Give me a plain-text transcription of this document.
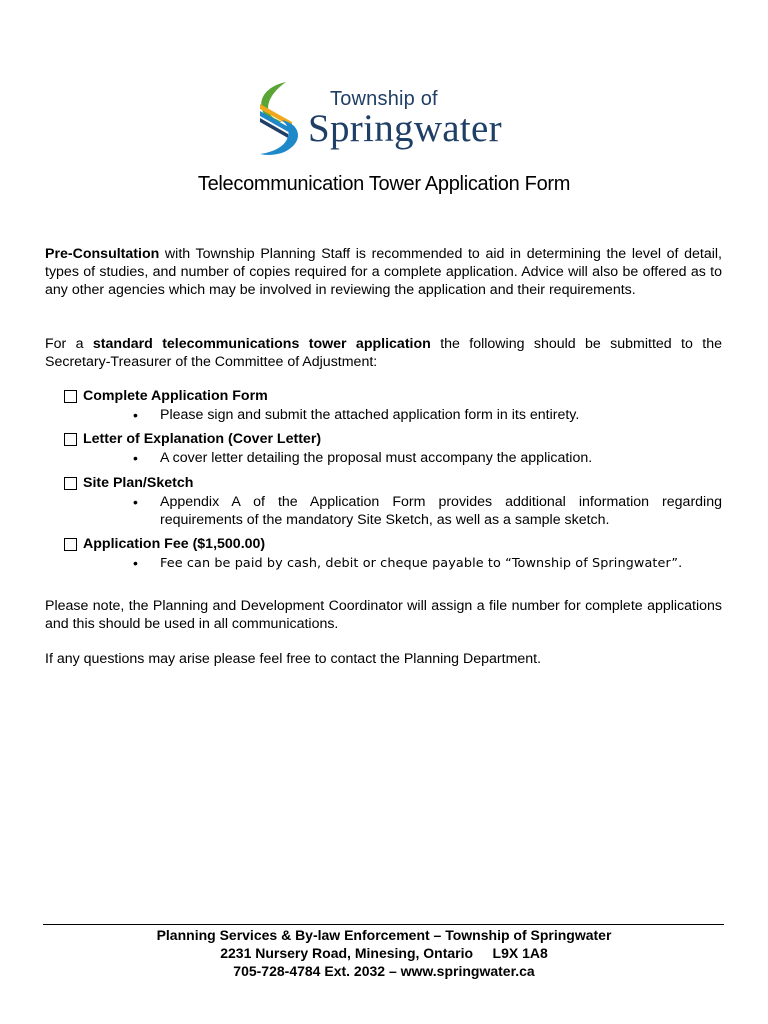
Township of
Springwater
Telecommunication Tower Application Form
Pre-Consultation with Township Planning Staff is recommended to aid in determining the level of detail, types of studies, and number of copies required for a complete application. Advice will also be offered as to any other agencies which may be involved in reviewing the application and their requirements.
For a standard telecommunications tower application the following should be submitted to the Secretary-Treasurer of the Committee of Adjustment:
Complete Application Form
• Please sign and submit the attached application form in its entirety.
Letter of Explanation (Cover Letter)
• A cover letter detailing the proposal must accompany the application.
Site Plan/Sketch
• Appendix A of the Application Form provides additional information regarding requirements of the mandatory Site Sketch, as well as a sample sketch.
Application Fee ($1,500.00)
• Fee can be paid by cash, debit or cheque payable to “Township of Springwater”.
Please note, the Planning and Development Coordinator will assign a file number for complete applications and this should be used in all communications.
If any questions may arise please feel free to contact the Planning Department.
Planning Services & By-law Enforcement – Township of Springwater
2231 Nursery Road, Minesing, Ontario     L9X 1A8
705-728-4784 Ext. 2032 – www.springwater.ca
